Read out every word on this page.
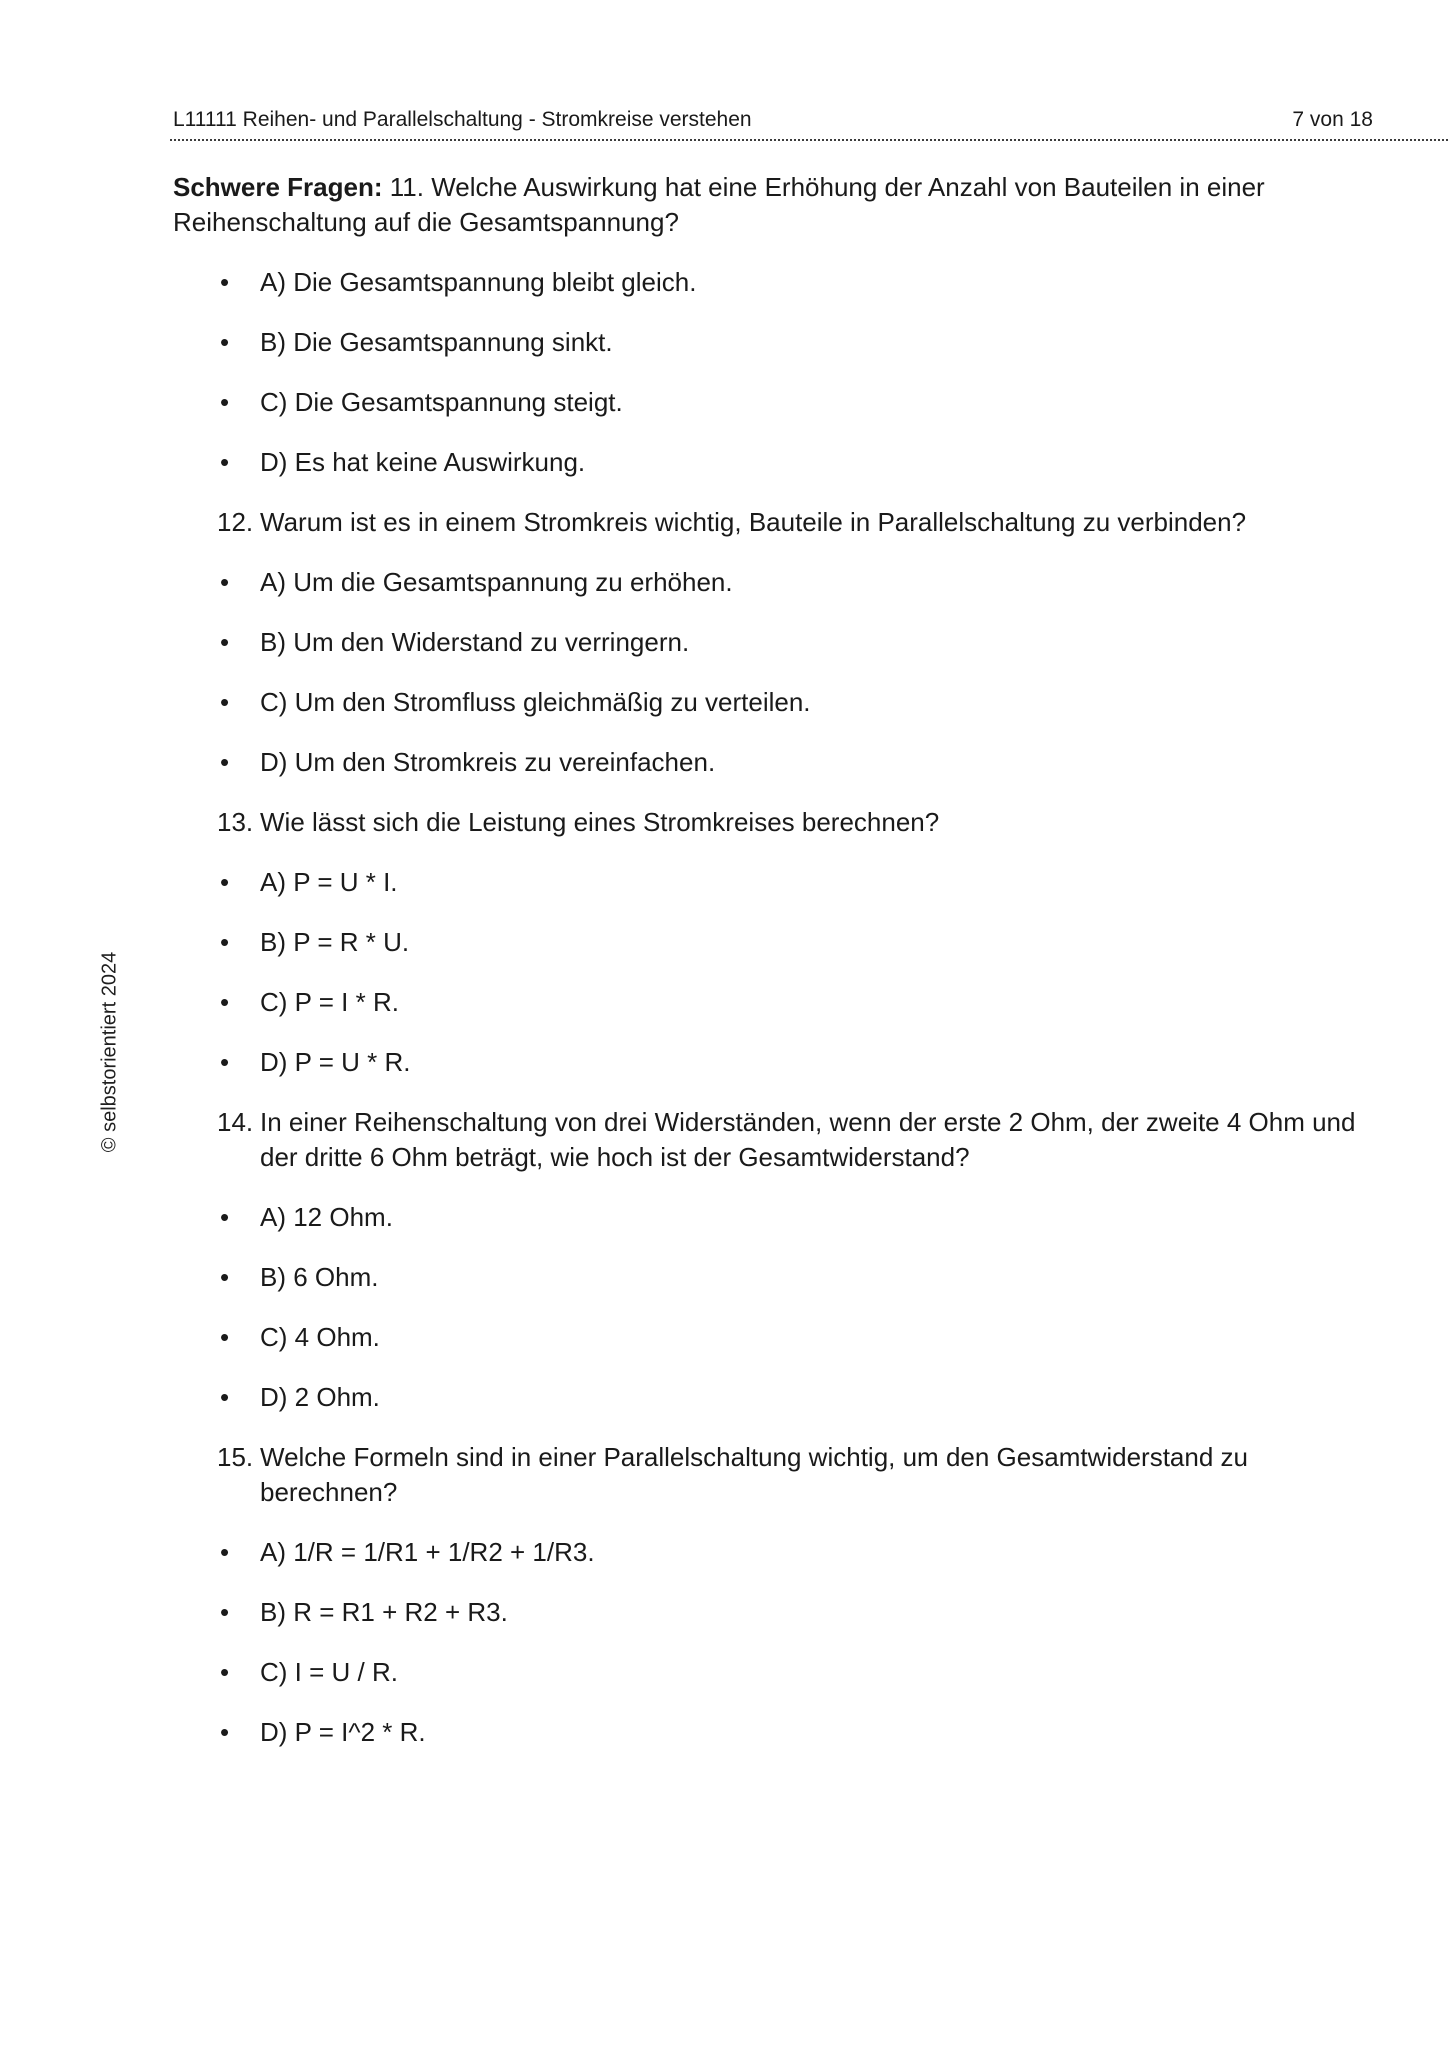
L11111 Reihen- und Parallelschaltung - Stromkreise verstehen	7 von 18
© selbstorientiert 2024
Schwere Fragen: 11. Welche Auswirkung hat eine Erhöhung der Anzahl von Bauteilen in einer
Reihenschaltung auf die Gesamtspannung?
• A) Die Gesamtspannung bleibt gleich.
• B) Die Gesamtspannung sinkt.
• C) Die Gesamtspannung steigt.
• D) Es hat keine Auswirkung.
12. Warum ist es in einem Stromkreis wichtig, Bauteile in Parallelschaltung zu verbinden?
• A) Um die Gesamtspannung zu erhöhen.
• B) Um den Widerstand zu verringern.
• C) Um den Stromfluss gleichmäßig zu verteilen.
• D) Um den Stromkreis zu vereinfachen.
13. Wie lässt sich die Leistung eines Stromkreises berechnen?
• A) P = U * I.
• B) P = R * U.
• C) P = I * R.
• D) P = U * R.
14. In einer Reihenschaltung von drei Widerständen, wenn der erste 2 Ohm, der zweite 4 Ohm und
der dritte 6 Ohm beträgt, wie hoch ist der Gesamtwiderstand?
• A) 12 Ohm.
• B) 6 Ohm.
• C) 4 Ohm.
• D) 2 Ohm.
15. Welche Formeln sind in einer Parallelschaltung wichtig, um den Gesamtwiderstand zu
berechnen?
• A) 1/R = 1/R1 + 1/R2 + 1/R3.
• B) R = R1 + R2 + R3.
• C) I = U / R.
• D) P = I^2 * R.
